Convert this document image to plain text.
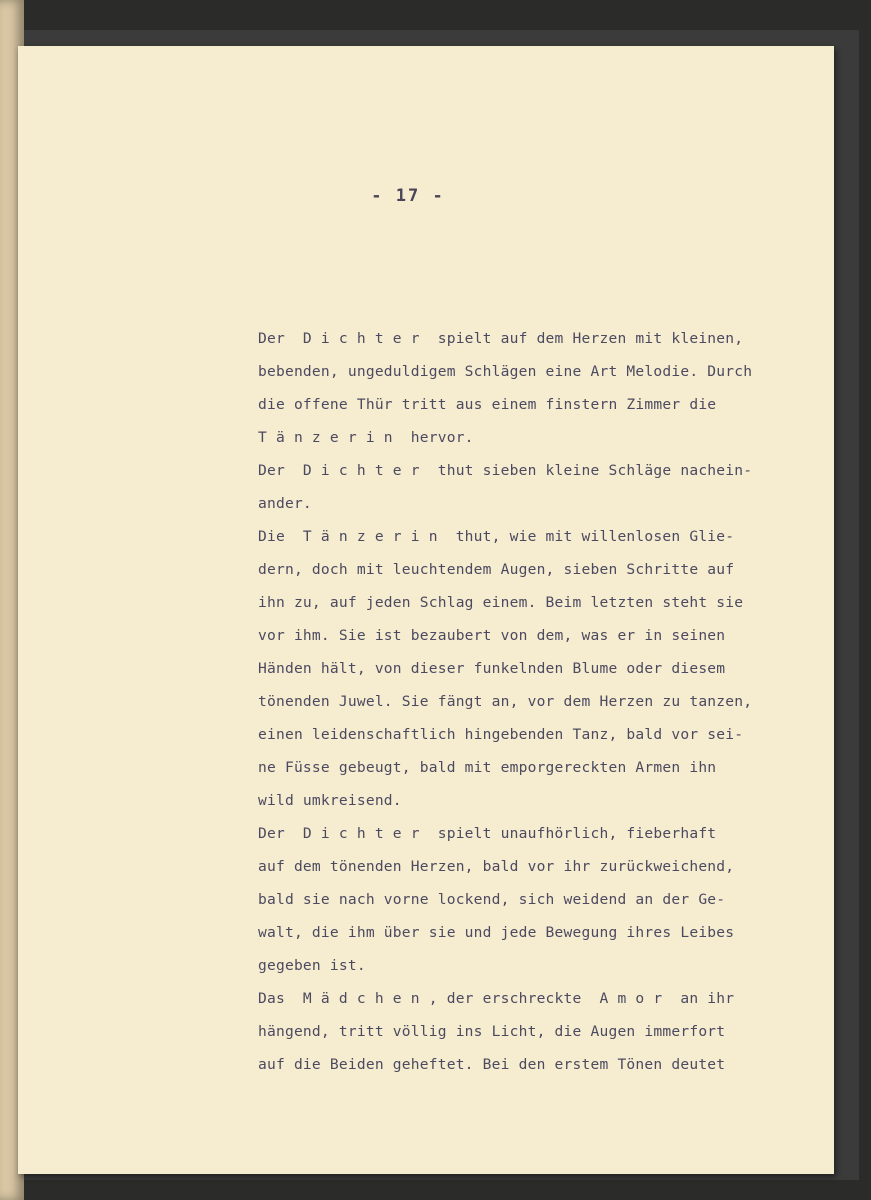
- 17 -
Der  D i c h t e r  spielt auf dem Herzen mit kleinen,
bebenden, ungeduldigem Schlägen eine Art Melodie. Durch
die offene Thür tritt aus einem finstern Zimmer die
T ä n z e r i n  hervor.
Der  D i c h t e r  thut sieben kleine Schläge nachein-
ander.
Die  T ä n z e r i n  thut, wie mit willenlosen Glie-
dern, doch mit leuchtendem Augen, sieben Schritte auf
ihn zu, auf jeden Schlag einem. Beim letzten steht sie
vor ihm. Sie ist bezaubert von dem, was er in seinen
Händen hält, von dieser funkelnden Blume oder diesem
tönenden Juwel. Sie fängt an, vor dem Herzen zu tanzen,
einen leidenschaftlich hingebenden Tanz, bald vor sei-
ne Füsse gebeugt, bald mit emporgereckten Armen ihn
wild umkreisend.
Der  D i c h t e r  spielt unaufhörlich, fieberhaft
auf dem tönenden Herzen, bald vor ihr zurückweichend,
bald sie nach vorne lockend, sich weidend an der Ge-
walt, die ihm über sie und jede Bewegung ihres Leibes
gegeben ist.
Das  M ä d c h e n , der erschreckte  A m o r  an ihr
hängend, tritt völlig ins Licht, die Augen immerfort
auf die Beiden geheftet. Bei den erstem Tönen deutet
